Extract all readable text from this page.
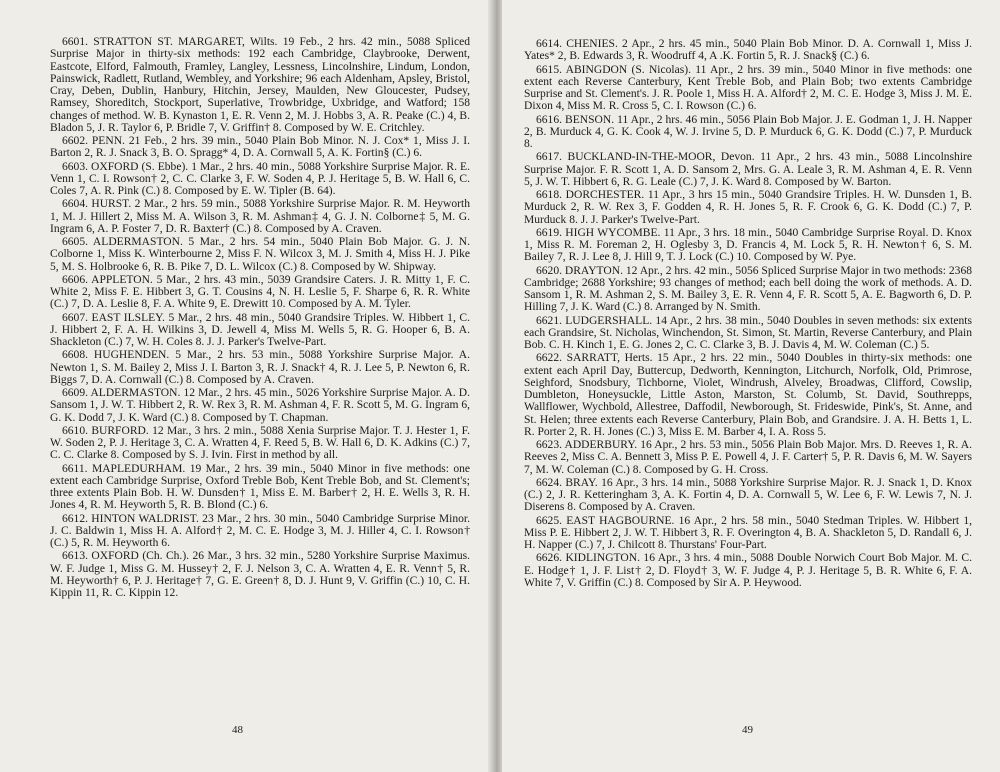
6601. STRATTON ST. MARGARET, Wilts. 19 Feb., 2 hrs. 42 min., 5088 Spliced Surprise Major in thirty-six methods: 192 each Cambridge, Claybrooke, Derwent, Eastcote, Elford, Falmouth, Framley, Langley, Lessness, Lincolnshire, Lindum, London, Painswick, Radlett, Rutland, Wembley, and Yorkshire; 96 each Aldenham, Apsley, Bristol, Cray, Deben, Dublin, Hanbury, Hitchin, Jersey, Maulden, New Gloucester, Pudsey, Ramsey, Shoreditch, Stockport, Superlative, Trowbridge, Uxbridge, and Watford; 158 changes of method. W. B. Kynaston 1, E. R. Venn 2, M. J. Hobbs 3, A. R. Peake (C.) 4, B. Bladon 5, J. R. Taylor 6, P. Bridle 7, V. Griffin† 8. Composed by W. E. Critchley.

6602. PENN. 21 Feb., 2 hrs. 39 min., 5040 Plain Bob Minor. N. J. Cox* 1, Miss J. I. Barton 2, R. J. Snack 3, B. O. Spragg* 4, D. A. Cornwall 5, A. K. Fortin§ (C.) 6.

6603. OXFORD (S. Ebbe). 1 Mar., 2 hrs. 40 min., 5088 Yorkshire Surprise Major. R. E. Venn 1, C. I. Rowson† 2, C. C. Clarke 3, F. W. Soden 4, P. J. Heritage 5, B. W. Hall 6, C. Coles 7, A. R. Pink (C.) 8. Composed by E. W. Tipler (B. 64).

6604. HURST. 2 Mar., 2 hrs. 59 min., 5088 Yorkshire Surprise Major. R. M. Heyworth 1, M. J. Hillert 2, Miss M. A. Wilson 3, R. M. Ashman‡ 4, G. J. N. Colborne‡ 5, M. G. Ingram 6, A. P. Foster 7, D. R. Baxter† (C.) 8. Composed by A. Craven.

6605. ALDERMASTON. 5 Mar., 2 hrs. 54 min., 5040 Plain Bob Major. G. J. N. Colborne 1, Miss K. Winterbourne 2, Miss F. N. Wilcox 3, M. J. Smith 4, Miss H. J. Pike 5, M. S. Holbrooke 6, R. B. Pike 7, D. L. Wilcox (C.) 8. Composed by W. Shipway.

6606. APPLETON. 5 Mar., 2 hrs. 43 min., 5039 Grandsire Caters. J. R. Mitty 1, F. C. White 2, Miss F. E. Hibbert 3, G. T. Cousins 4, N. H. Leslie 5, F. Sharpe 6, R. R. White (C.) 7, D. A. Leslie 8, F. A. White 9, E. Drewitt 10. Composed by A. M. Tyler.

6607. EAST ILSLEY. 5 Mar., 2 hrs. 48 min., 5040 Grandsire Triples. W. Hibbert 1, C. J. Hibbert 2, F. A. H. Wilkins 3, D. Jewell 4, Miss M. Wells 5, R. G. Hooper 6, B. A. Shackleton (C.) 7, W. H. Coles 8. J. J. Parker's Twelve-Part.

6608. HUGHENDEN. 5 Mar., 2 hrs. 53 min., 5088 Yorkshire Surprise Major. A. Newton 1, S. M. Bailey 2, Miss J. I. Barton 3, R. J. Snack† 4, R. J. Lee 5, P. Newton 6, R. Biggs 7, D. A. Cornwall (C.) 8. Composed by A. Craven.

6609. ALDERMASTON. 12 Mar., 2 hrs. 45 min., 5026 Yorkshire Surprise Major. A. D. Sansom 1, J. W. T. Hibbert 2, R. W. Rex 3, R. M. Ashman 4, F. R. Scott 5, M. G. Ingram 6, G. K. Dodd 7, J. K. Ward (C.) 8. Composed by T. Chapman.

6610. BURFORD. 12 Mar., 3 hrs. 2 min., 5088 Xenia Surprise Major. T. J. Hester 1, F. W. Soden 2, P. J. Heritage 3, C. A. Wratten 4, F. Reed 5, B. W. Hall 6, D. K. Adkins (C.) 7, C. C. Clarke 8. Composed by S. J. Ivin. First in method by all.

6611. MAPLEDURHAM. 19 Mar., 2 hrs. 39 min., 5040 Minor in five methods: one extent each Cambridge Surprise, Oxford Treble Bob, Kent Treble Bob, and St. Clement's; three extents Plain Bob. H. W. Dunsden† 1, Miss E. M. Barber† 2, H. E. Wells 3, R. H. Jones 4, R. M. Heyworth 5, R. B. Blond (C.) 6.

6612. HINTON WALDRIST. 23 Mar., 2 hrs. 30 min., 5040 Cambridge Surprise Minor. J. C. Baldwin 1, Miss H. A. Alford† 2, M. C. E. Hodge 3, M. J. Hiller 4, C. I. Rowson† (C.) 5, R. M. Heyworth 6.

6613. OXFORD (Ch. Ch.). 26 Mar., 3 hrs. 32 min., 5280 Yorkshire Surprise Maximus. W. F. Judge 1, Miss G. M. Hussey† 2, F. J. Nelson 3, C. A. Wratten 4, E. R. Venn† 5, R. M. Heyworth† 6, P. J. Heritage† 7, G. E. Green† 8, D. J. Hunt 9, V. Griffin (C.) 10, C. H. Kippin 11, R. C. Kippin 12.

48

6614. CHENIES. 2 Apr., 2 hrs. 45 min., 5040 Plain Bob Minor. D. A. Cornwall 1, Miss J. Yates* 2, B. Edwards 3, R. Woodruff 4, A .K. Fortin 5, R. J. Snack§ (C.) 6.

6615. ABINGDON (S. Nicolas). 11 Apr., 2 hrs. 39 min., 5040 Minor in five methods: one extent each Reverse Canterbury, Kent Treble Bob, and Plain Bob; two extents Cambridge Surprise and St. Clement's. J. R. Poole 1, Miss H. A. Alford† 2, M. C. E. Hodge 3, Miss J. M. E. Dixon 4, Miss M. R. Cross 5, C. I. Rowson (C.) 6.

6616. BENSON. 11 Apr., 2 hrs. 46 min., 5056 Plain Bob Major. J. E. Godman 1, J. H. Napper 2, B. Murduck 4, G. K. Cook 4, W. J. Irvine 5, D. P. Murduck 6, G. K. Dodd (C.) 7, P. Murduck 8.

6617. BUCKLAND-IN-THE-MOOR, Devon. 11 Apr., 2 hrs. 43 min., 5088 Lincolnshire Surprise Major. F. R. Scott 1, A. D. Sansom 2, Mrs. G. A. Leale 3, R. M. Ashman 4, E. R. Venn 5, J. W. T. Hibbert 6, R. G. Leale (C.) 7, J. K. Ward 8. Composed by W. Barton.

6618. DORCHESTER. 11 Apr., 3 hrs 15 min., 5040 Grandsire Triples. H. W. Dunsden 1, B. Murduck 2, R. W. Rex 3, F. Godden 4, R. H. Jones 5, R. F. Crook 6, G. K. Dodd (C.) 7, P. Murduck 8. J. J. Parker's Twelve-Part.

6619. HIGH WYCOMBE. 11 Apr., 3 hrs. 18 min., 5040 Cambridge Surprise Royal. D. Knox 1, Miss R. M. Foreman 2, H. Oglesby 3, D. Francis 4, M. Lock 5, R. H. Newton† 6, S. M. Bailey 7, R. J. Lee 8, J. Hill 9, T. J. Lock (C.) 10. Composed by W. Pye.

6620. DRAYTON. 12 Apr., 2 hrs. 42 min., 5056 Spliced Surprise Major in two methods: 2368 Cambridge; 2688 Yorkshire; 93 changes of method; each bell doing the work of methods. A. D. Sansom 1, R. M. Ashman 2, S. M. Bailey 3, E. R. Venn 4, F. R. Scott 5, A. E. Bagworth 6, D. P. Hilling 7, J. K. Ward (C.) 8. Arranged by N. Smith.

6621. LUDGERSHALL. 14 Apr., 2 hrs. 38 min., 5040 Doubles in seven methods: six extents each Grandsire, St. Nicholas, Winchendon, St. Simon, St. Martin, Reverse Canterbury, and Plain Bob. C. H. Kinch 1, E. G. Jones 2, C. C. Clarke 3, B. J. Davis 4, M. W. Coleman (C.) 5.

6622. SARRATT, Herts. 15 Apr., 2 hrs. 22 min., 5040 Doubles in thirty-six methods: one extent each April Day, Buttercup, Dedworth, Kennington, Litchurch, Norfolk, Old, Primrose, Seighford, Snodsbury, Tichborne, Violet, Windrush, Alveley, Broadwas, Clifford, Cowslip, Dumbleton, Honeysuckle, Little Aston, Marston, St. Columb, St. David, Southrepps, Wallflower, Wychbold, Allestree, Daffodil, Newborough, St. Frideswide, Pink's, St. Anne, and St. Helen; three extents each Reverse Canterbury, Plain Bob, and Grandsire. J. A. H. Betts 1, L. R. Porter 2, R. H. Jones (C.) 3, Miss E. M. Barber 4, I. A. Ross 5.

6623. ADDERBURY. 16 Apr., 2 hrs. 53 min., 5056 Plain Bob Major. Mrs. D. Reeves 1, R. A. Reeves 2, Miss C. A. Bennett 3, Miss P. E. Powell 4, J. F. Carter† 5, P. R. Davis 6, M. W. Sayers 7, M. W. Coleman (C.) 8. Composed by G. H. Cross.

6624. BRAY. 16 Apr., 3 hrs. 14 min., 5088 Yorkshire Surprise Major. R. J. Snack 1, D. Knox (C.) 2, J. R. Ketteringham 3, A. K. Fortin 4, D. A. Cornwall 5, W. Lee 6, F. W. Lewis 7, N. J. Diserens 8. Composed by A. Craven.

6625. EAST HAGBOURNE. 16 Apr., 2 hrs. 58 min., 5040 Stedman Triples. W. Hibbert 1, Miss P. E. Hibbert 2, J. W. T. Hibbert 3, R. F. Overington 4, B. A. Shackleton 5, D. Randall 6, J. H. Napper (C.) 7, J. Chilcott 8. Thurstans' Four-Part.

6626. KIDLINGTON. 16 Apr., 3 hrs. 4 min., 5088 Double Norwich Court Bob Major. M. C. E. Hodge† 1, J. F. List† 2, D. Floyd† 3, W. F. Judge 4, P. J. Heritage 5, B. R. White 6, F. A. White 7, V. Griffin (C.) 8. Composed by Sir A. P. Heywood.

49
